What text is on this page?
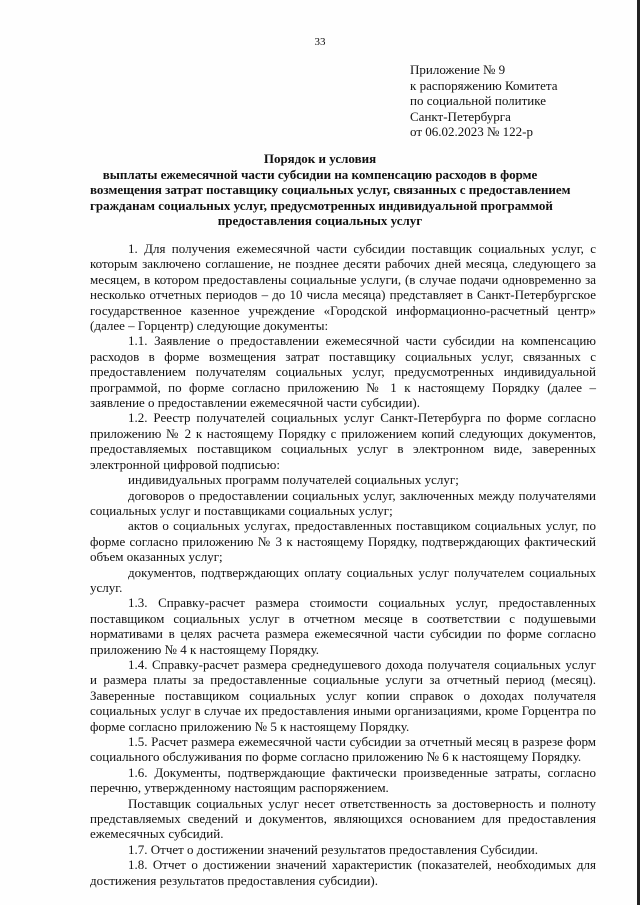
33
Приложение № 9
к распоряжению Комитета
по социальной политике
Санкт-Петербурга
от 06.02.2023 № 122-р
Порядок и условия
выплаты ежемесячной части субсидии на компенсацию расходов в форме
возмещения затрат поставщику социальных услуг, связанных с предоставлением
гражданам социальных услуг, предусмотренных индивидуальной программой
предоставления социальных услуг

1. Для получения ежемесячной части субсидии поставщик социальных услуг, с которым заключено соглашение, не позднее десяти рабочих дней месяца, следующего за месяцем, в котором предоставлены социальные услуги, (в случае подачи одновременно за несколько отчетных периодов – до 10 числа месяца) представляет в Санкт-Петербургское государственное казенное учреждение «Городской информационно-расчетный центр» (далее – Горцентр) следующие документы:

1.1. Заявление о предоставлении ежемесячной части субсидии на компенсацию расходов в форме возмещения затрат поставщику социальных услуг, связанных с предоставлением получателям социальных услуг, предусмотренных индивидуальной программой, по форме согласно приложению № 1 к настоящему Порядку (далее – заявление о предоставлении ежемесячной части субсидии).

1.2. Реестр получателей социальных услуг Санкт-Петербурга по форме согласно приложению № 2 к настоящему Порядку с приложением копий следующих документов, предоставляемых поставщиком социальных услуг в электронном виде, заверенных электронной цифровой подписью:

индивидуальных программ получателей социальных услуг;

договоров о предоставлении социальных услуг, заключенных между получателями социальных услуг и поставщиками социальных услуг;

актов о социальных услугах, предоставленных поставщиком социальных услуг, по форме согласно приложению № 3 к настоящему Порядку, подтверждающих фактический объем оказанных услуг;

документов, подтверждающих оплату социальных услуг получателем социальных услуг.

1.3. Справку-расчет размера стоимости социальных услуг, предоставленных поставщиком социальных услуг в отчетном месяце в соответствии с подушевыми нормативами в целях расчета размера ежемесячной части субсидии по форме согласно приложению № 4 к настоящему Порядку.

1.4. Справку-расчет размера среднедушевого дохода получателя социальных услуг и размера платы за предоставленные социальные услуги за отчетный период (месяц). Заверенные поставщиком социальных услуг копии справок о доходах получателя социальных услуг в случае их предоставления иными организациями, кроме Горцентра по форме согласно приложению № 5 к настоящему Порядку.

1.5. Расчет размера ежемесячной части субсидии за отчетный месяц в разрезе форм социального обслуживания по форме согласно приложению № 6 к настоящему Порядку.

1.6. Документы, подтверждающие фактически произведенные затраты, согласно перечню, утвержденному настоящим распоряжением.

Поставщик социальных услуг несет ответственность за достоверность и полноту представляемых сведений и документов, являющихся основанием для предоставления ежемесячных субсидий.

1.7. Отчет о достижении значений результатов предоставления Субсидии.

1.8. Отчет о достижении значений характеристик (показателей, необходимых для достижения результатов предоставления субсидии).
